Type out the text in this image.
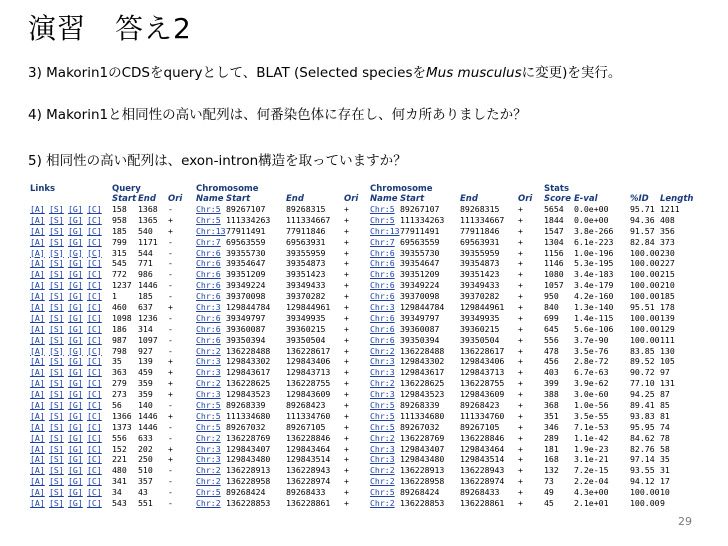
演習　答え2
3) Makorin1のCDSをqueryとして、BLAT (Selected speciesをMus musculusに変更)を実行。
4) Makorin1と相同性の高い配列は、何番染色体に存在し、何カ所ありましたか？
5) 相同性の高い配列は、exon-intron構造を取っていますか？
Links	Query	Chromosome	Chromosome	Stats
Start End Ori Name Start	End	Ori Name Start	End	Ori Score E-val	%ID Length
[A] [S] [G] [C] 158 1368 -	Chr:5 89267107	89268315 +	Chr:5 89267107	89268315 +	5654 0.0e+00	95.71 1211
[A] [S] [G] [C] 958 1365 +	Chr:5 111334263 111334667 +	Chr:5 111334263 111334667 +	1844 0.0e+00	94.36 408
[A] [S] [G] [C] 185 540 +	Chr:13 77911491	77911846 +	Chr:13 77911491	77911846 +	1547 3.8e-266 91.57 356
[A] [S] [G] [C] 799 1171 -	Chr:7 69563559	69563931 +	Chr:7 69563559	69563931 +	1304 6.1e-223 82.84 373
[A] [S] [G] [C] 315 544 -	Chr:6 39355730	39355959 +	Chr:6 39355730	39355959 +	1156 1.0e-196 100.00 230
[A] [S] [G] [C] 545 771 -	Chr:6 39354647	39354873 +	Chr:6 39354647	39354873 +	1146 5.3e-195 100.00 227
[A] [S] [G] [C] 772 986 -	Chr:6 39351209	39351423 +	Chr:6 39351209	39351423 +	1080 3.4e-183 100.00 215
[A] [S] [G] [C] 1237 1446 -	Chr:6 39349224	39349433 +	Chr:6 39349224	39349433 +	1057 3.4e-179 100.00 210
[A] [S] [G] [C] 1	185 -	Chr:6 39370098	39370282 +	Chr:6 39370098	39370282 +	950 4.2e-160 100.00 185
[A] [S] [G] [C] 460 637 +	Chr:3 129844784 129844961 +	Chr:3 129844784 129844961 +	840 1.3e-140 95.51 178
[A] [S] [G] [C] 1098 1236 -	Chr:6 39349797	39349935 +	Chr:6 39349797	39349935 +	699 1.4e-115 100.00 139
[A] [S] [G] [C] 186 314 -	Chr:6 39360087	39360215 +	Chr:6 39360087	39360215 +	645 5.6e-106 100.00 129
[A] [S] [G] [C] 987 1097 -	Chr:6 39350394	39350504 +	Chr:6 39350394	39350504 +	556 3.7e-90	100.00 111
[A] [S] [G] [C] 798 927 -	Chr:2 136228488 136228617 +	Chr:2 136228488 136228617 +	478 3.5e-76	83.85 130
[A] [S] [G] [C] 35 139 +	Chr:3 129843302 129843406 +	Chr:3 129843302 129843406 +	456 2.8e-72	89.52 105
[A] [S] [G] [C] 363 459 +	Chr:3 129843617 129843713 +	Chr:3 129843617 129843713 +	403 6.7e-63	90.72 97
[A] [S] [G] [C] 279 359 +	Chr:2 136228625 136228755 +	Chr:2 136228625 136228755 +	399 3.9e-62	77.10 131
[A] [S] [G] [C] 273 359 +	Chr:3 129843523 129843609 +	Chr:3 129843523 129843609 +	388 3.0e-60	94.25 87
[A] [S] [G] [C] 56 140 -	Chr:5 89268339	89268423 +	Chr:5 89268339	89268423 +	368 1.0e-56	89.41 85
[A] [S] [G] [C] 1366 1446 +	Chr:5 111334680 111334760 +	Chr:5 111334680 111334760 +	351 3.5e-55	93.83 81
[A] [S] [G] [C] 1373 1446 -	Chr:5 89267032	89267105 +	Chr:5 89267032	89267105 +	346 7.1e-53	95.95 74
[A] [S] [G] [C] 556 633 -	Chr:2 136228769 136228846 +	Chr:2 136228769 136228846 +	289 1.1e-42	84.62 78
[A] [S] [G] [C] 152 202 +	Chr:3 129843407 129843464 +	Chr:3 129843407 129843464 +	181 1.9e-23	82.76 58
[A] [S] [G] [C] 221 250 +	Chr:3 129843480 129843514 +	Chr:3 129843480 129843514 +	168 3.1e-21	97.14 35
[A] [S] [G] [C] 480 510 -	Chr:2 136228913 136228943 +	Chr:2 136228913 136228943 +	132 7.2e-15	93.55 31
[A] [S] [G] [C] 341 357 -	Chr:2 136228958 136228974 +	Chr:2 136228958 136228974 +	73 2.2e-04	94.12 17
[A] [S] [G] [C] 34 43 -	Chr:5 89268424	89268433 +	Chr:5 89268424	89268433 +	49 4.3e+00	100.00 10
[A] [S] [G] [C] 543 551 -	Chr:2 136228853 136228861 +	Chr:2 136228853 136228861 +	45 2.1e+01	100.00 9
29
